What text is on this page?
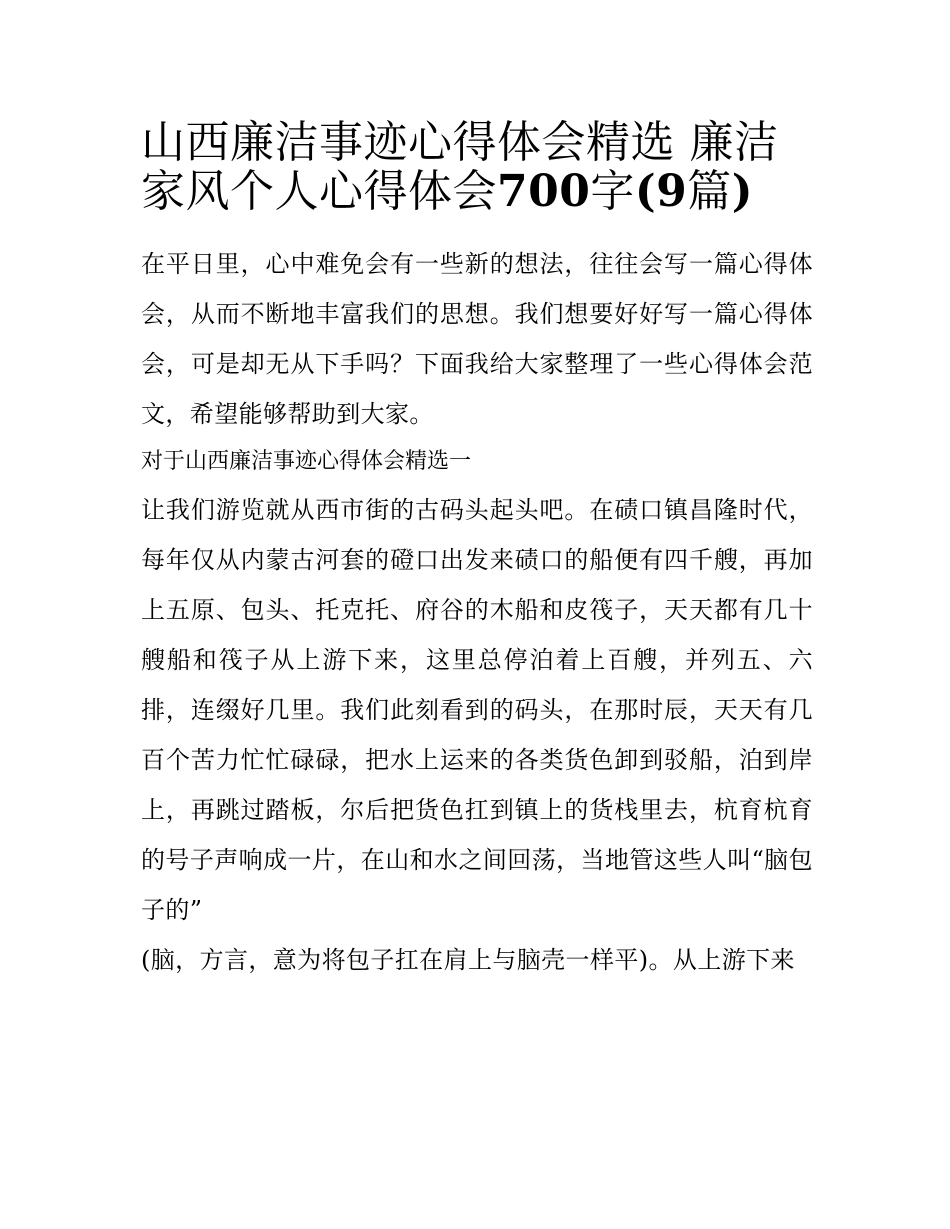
山西廉洁事迹心得体会精选 廉洁家风个人心得体会700字(9篇)

在平日里，心中难免会有一些新的想法，往往会写一篇心得体会，从而不断地丰富我们的思想。我们想要好好写一篇心得体会，可是却无从下手吗？下面我给大家整理了一些心得体会范文，希望能够帮助到大家。

对于山西廉洁事迹心得体会精选一

让我们游览就从西市街的古码头起头吧。在碛口镇昌隆时代，每年仅从内蒙古河套的磴口出发来碛口的船便有四千艘，再加上五原、包头、托克托、府谷的木船和皮筏子，天天都有几十艘船和筏子从上游下来，这里总停泊着上百艘，并列五、六排，连缀好几里。我们此刻看到的码头，在那时辰，天天有几百个苦力忙忙碌碌，把水上运来的各类货色卸到驳船，泊到岸上，再跳过踏板，尔后把货色扛到镇上的货栈里去，杭育杭育的号子声响成一片，在山和水之间回荡，当地管这些人叫“脑包子的”

(脑，方言，意为将包子扛在肩上与脑壳一样平)。从上游下来
